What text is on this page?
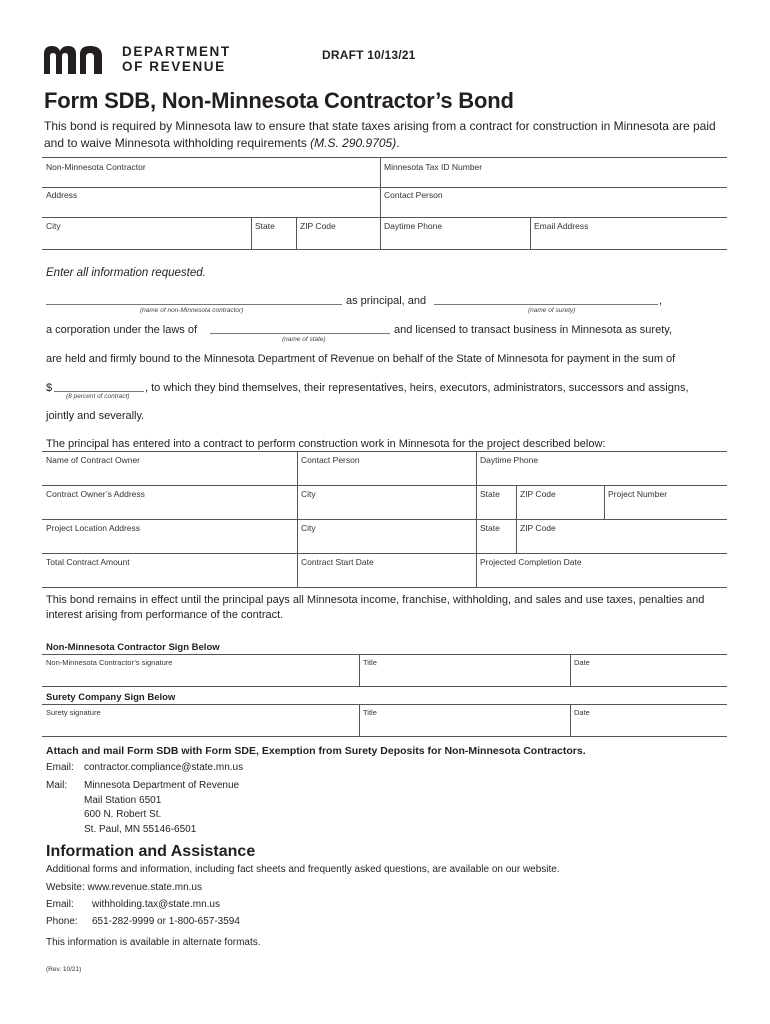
DEPARTMENT
OF REVENUE
DRAFT 10/13/21
Form SDB, Non-Minnesota Contractor’s Bond
This bond is required by Minnesota law to ensure that state taxes arising from a contract for construction in Minnesota are paid and to waive Minnesota withholding requirements (M.S. 290.9705).
Non-Minnesota Contractor	Minnesota Tax ID Number
Address	Contact Person
City	State	ZIP Code	Daytime Phone	Email Address
Enter all information requested.
as principal, and	,
(name of non-Minnesota contractor)	(name of surety)
a corporation under the laws of	and licensed to transact business in Minnesota as surety,
(name of state)
are held and firmly bound to the Minnesota Department of Revenue on behalf of the State of Minnesota for payment in the sum of
$	, to which they bind themselves, their representatives, heirs, executors, administrators, successors and assigns,
(8 percent of contract)
jointly and severally.
The principal has entered into a contract to perform construction work in Minnesota for the project described below:
Name of Contract Owner	Contact Person	Daytime Phone
Contract Owner’s Address	City	State ZIP Code	Project Number
Project Location Address	City	State ZIP Code
Total Contract Amount	Contract Start Date	Projected Completion Date
This bond remains in effect until the principal pays all Minnesota income, franchise, withholding, and sales and use taxes, penalties and interest arising from performance of the contract.
Non-Minnesota Contractor Sign Below
Non-Minnesota Contractor’s signature	Title	Date
Surety Company Sign Below
Surety signature	Title	Date
Attach and mail Form SDB with Form SDE, Exemption from Surety Deposits for Non-Minnesota Contractors.
Email: contractor.compliance@state.mn.us
Mail: Minnesota Department of Revenue
Mail Station 6501
600 N. Robert St.
St. Paul, MN 55146-6501
Information and Assistance
Additional forms and information, including fact sheets and frequently asked questions, are available on our website.
Website: www.revenue.state.mn.us
Email: withholding.tax@state.mn.us
Phone: 651-282-9999 or 1-800-657-3594
This information is available in alternate formats.
(Rev. 10/21)
